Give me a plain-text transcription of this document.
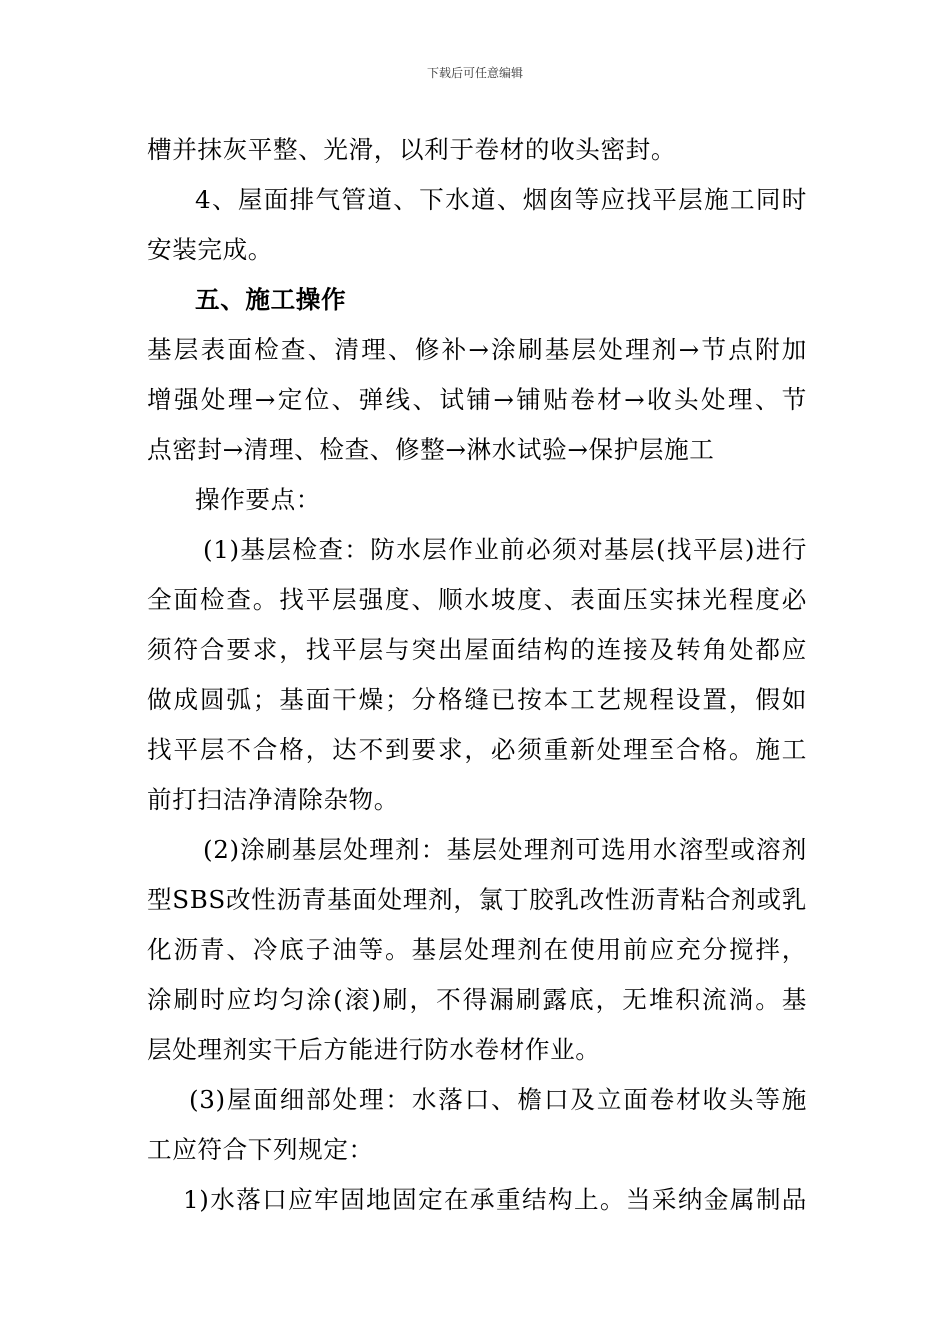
下载后可任意编辑
槽并抹灰平整、光滑，以利于卷材的收头密封。
4、屋面排气管道、下水道、烟囱等应找平层施工同时
安装完成。
五、施工操作
基层表面检查、清理、修补→涂刷基层处理剂→节点附加
增强处理→定位、弹线、试铺→铺贴卷材→收头处理、节
点密封→清理、检查、修整→淋水试验→保护层施工
操作要点：
(1)基层检查：防水层作业前必须对基层(找平层)进行
全面检查。找平层强度、顺水坡度、表面压实抹光程度必
须符合要求，找平层与突出屋面结构的连接及转角处都应
做成圆弧；基面干燥；分格缝已按本工艺规程设置，假如
找平层不合格，达不到要求，必须重新处理至合格。施工
前打扫洁净清除杂物。
(2)涂刷基层处理剂：基层处理剂可选用水溶型或溶剂
型SBS改性沥青基面处理剂，氯丁胶乳改性沥青粘合剂或乳
化沥青、冷底子油等。基层处理剂在使用前应充分搅拌，
涂刷时应均匀涂(滚)刷，不得漏刷露底，无堆积流淌。基
层处理剂实干后方能进行防水卷材作业。
(3)屋面细部处理：水落口、檐口及立面卷材收头等施
工应符合下列规定：
1)水落口应牢固地固定在承重结构上。当采纳金属制品
